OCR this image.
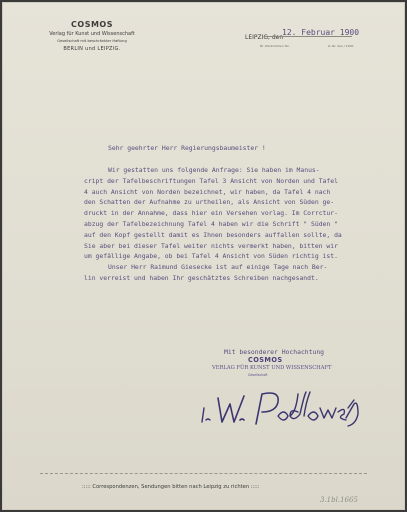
COSMOS
Verlag für Kunst und Wissenschaft
Gesellschaft mit beschränkter Haftung
BERLIN und LEIPZIG.
LEIPZIG, den
12. Februar 1900
Bl. Windmühlen Str.	Z.-Nr. den / 1900
Sehr geehrter Herr Regierungsbaumeister !
Wir gestatten uns folgende Anfrage: Sie haben im Manus-
cript der Tafelbeschriftungen Tafel 3 Ansicht von Norden und Tafel
4 auch Ansicht von Norden bezeichnet, wir haben, da Tafel 4 nach
den Schatten der Aufnahme zu urtheilen, als Ansicht von Süden ge-
druckt in der Annahme, dass hier ein Versehen vorlag. Im Corrctur-
abzug der Tafelbezeichnung Tafel 4 haben wir die Schrift " Süden "
auf den Kopf gestellt damit es Ihnen besonders auffallen sollte, da
Sie aber bei dieser Tafel weiter nichts vermerkt haben, bitten wir
um gefällige Angabe, ob bei Tafel 4 Ansicht von Süden richtig ist.
Unser Herr Raimund Giesecke ist auf einige Tage nach Ber-
lin verreist und haben Ihr geschätztes Schreiben nachgesandt.
Mit besonderer Hochachtung
COSMOS
VERLAG FÜR KUNST UND WISSENSCHAFT
Gesellschaft
::::: Correspondenzen, Sendungen bitten nach Leipzig zu richten :::::
3.1bl.1665
